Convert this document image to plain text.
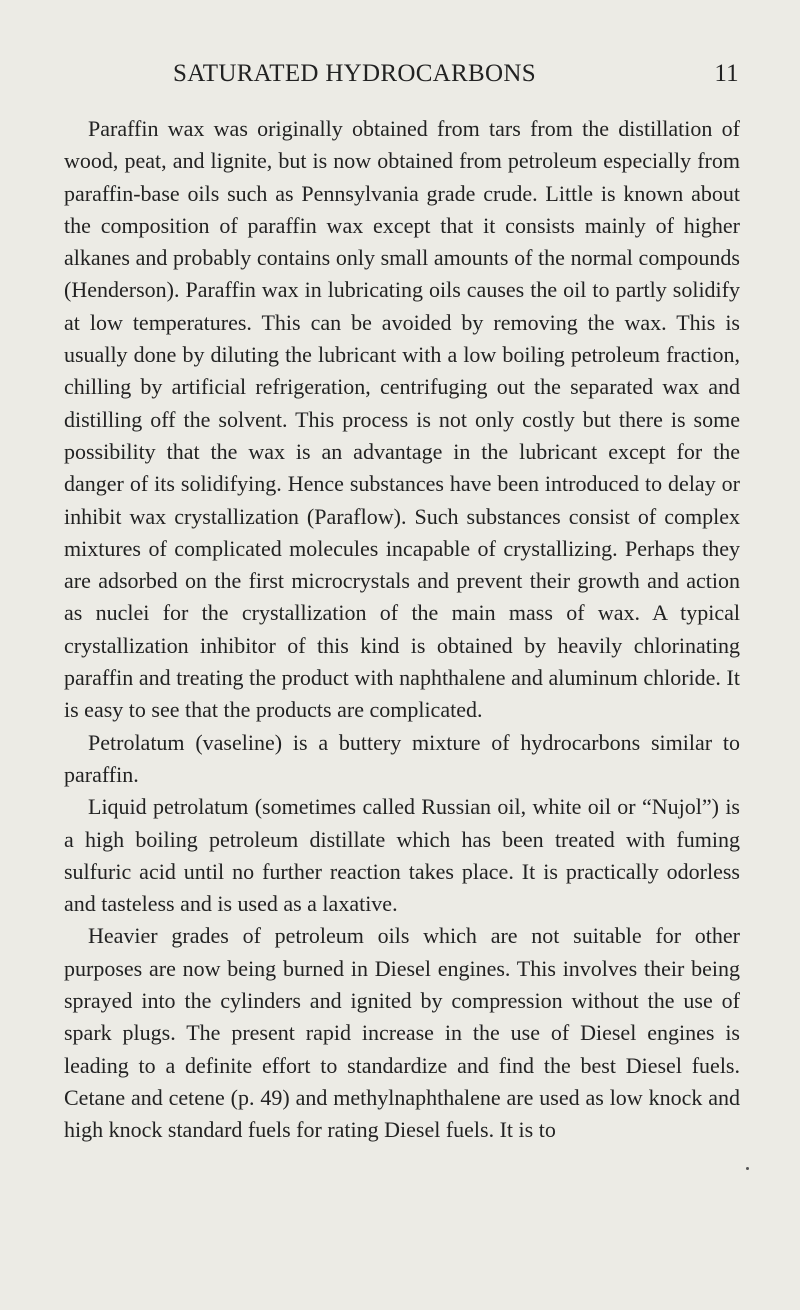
SATURATED HYDROCARBONS	11

Paraffin wax was originally obtained from tars from the distillation of wood, peat, and lignite, but is now obtained from petroleum especially from paraffin-base oils such as Pennsylvania grade crude. Little is known about the composition of paraffin wax except that it consists mainly of higher alkanes and probably contains only small amounts of the normal compounds (Henderson). Paraffin wax in lubricating oils causes the oil to partly solidify at low temperatures. This can be avoided by removing the wax. This is usually done by diluting the lubricant with a low boiling petroleum fraction, chilling by artificial refrigeration, centrifuging out the separated wax and distilling off the solvent. This process is not only costly but there is some possibility that the wax is an advantage in the lubricant except for the danger of its solidifying. Hence substances have been introduced to delay or inhibit wax crystallization (Paraflow). Such substances consist of complex mixtures of complicated molecules incapable of crystallizing. Perhaps they are adsorbed on the first microcrystals and prevent their growth and action as nuclei for the crystallization of the main mass of wax. A typical crystallization inhibitor of this kind is obtained by heavily chlorinating paraffin and treating the product with naphthalene and aluminum chloride. It is easy to see that the products are complicated.

Petrolatum (vaseline) is a buttery mixture of hydrocarbons similar to paraffin.

Liquid petrolatum (sometimes called Russian oil, white oil or “Nujol”) is a high boiling petroleum distillate which has been treated with fuming sulfuric acid until no further reaction takes place. It is practically odorless and tasteless and is used as a laxative.

Heavier grades of petroleum oils which are not suitable for other purposes are now being burned in Diesel engines. This involves their being sprayed into the cylinders and ignited by compression without the use of spark plugs. The present rapid increase in the use of Diesel engines is leading to a definite effort to standardize and find the best Diesel fuels. Cetane and cetene (p. 49) and methylnaphthalene are used as low knock and high knock standard fuels for rating Diesel fuels. It is to
